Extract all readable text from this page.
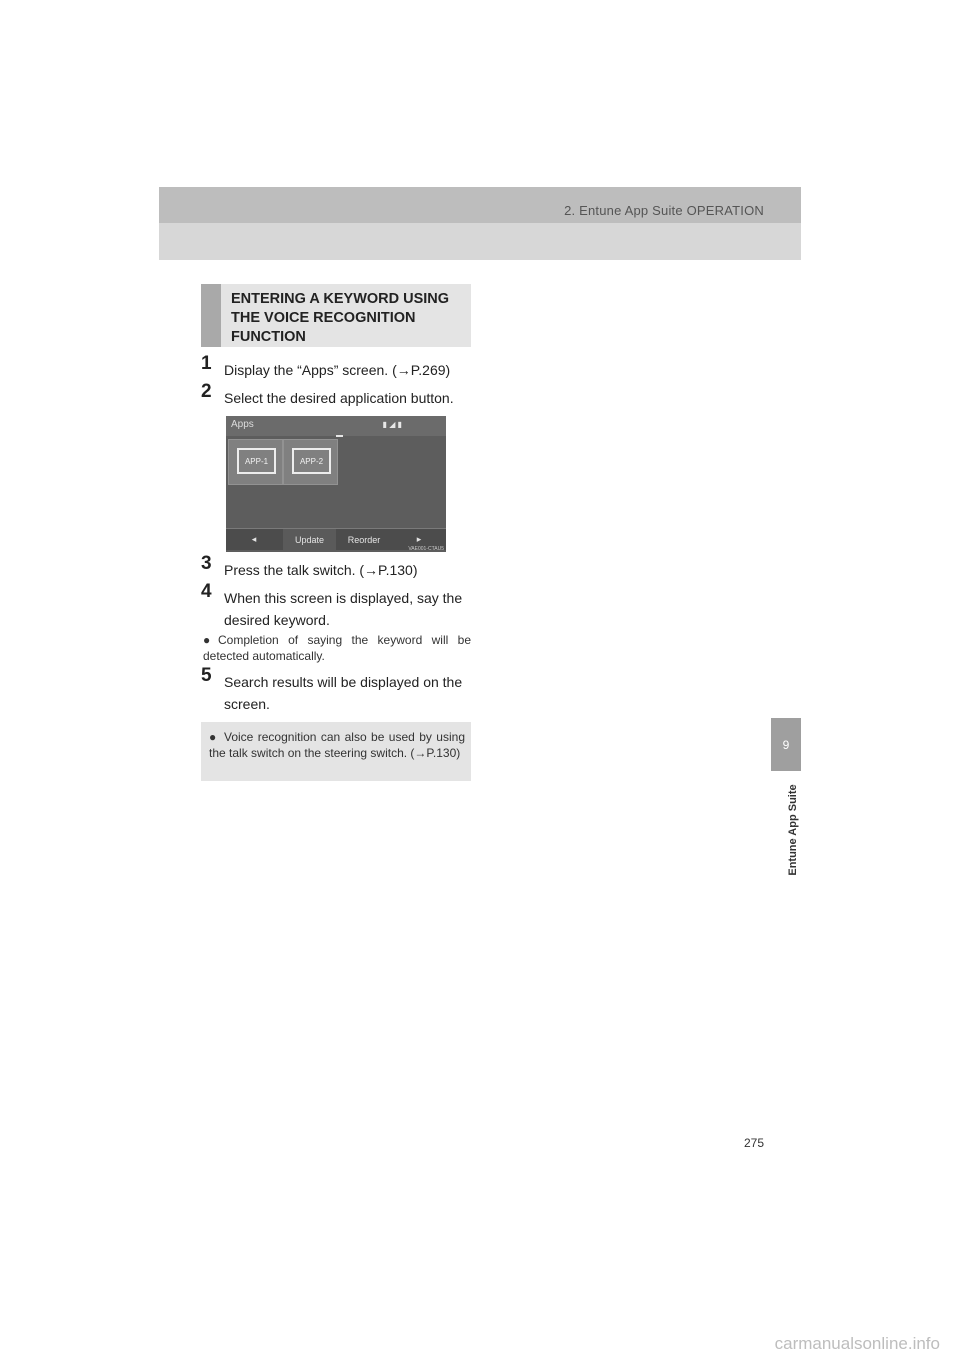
2. Entune App Suite OPERATION
9
Entune App Suite
ENTERING A KEYWORD USING THE VOICE RECOGNITION FUNCTION
1 Display the “Apps” screen. (→P.269)
2 Select the desired application button.
Apps	▮ ◢ ▮
APP-1	APP-2
◂	Update	Reorder	▸
VAE001-CTAU5
3 Press the talk switch. (→P.130)
4 When this screen is displayed, say the desired keyword.
● Completion of saying the keyword will be detected automatically.
5 Search results will be displayed on the screen.
● Voice recognition can also be used by using the talk switch on the steering switch. (→P.130)
275
carmanualsonline.info
